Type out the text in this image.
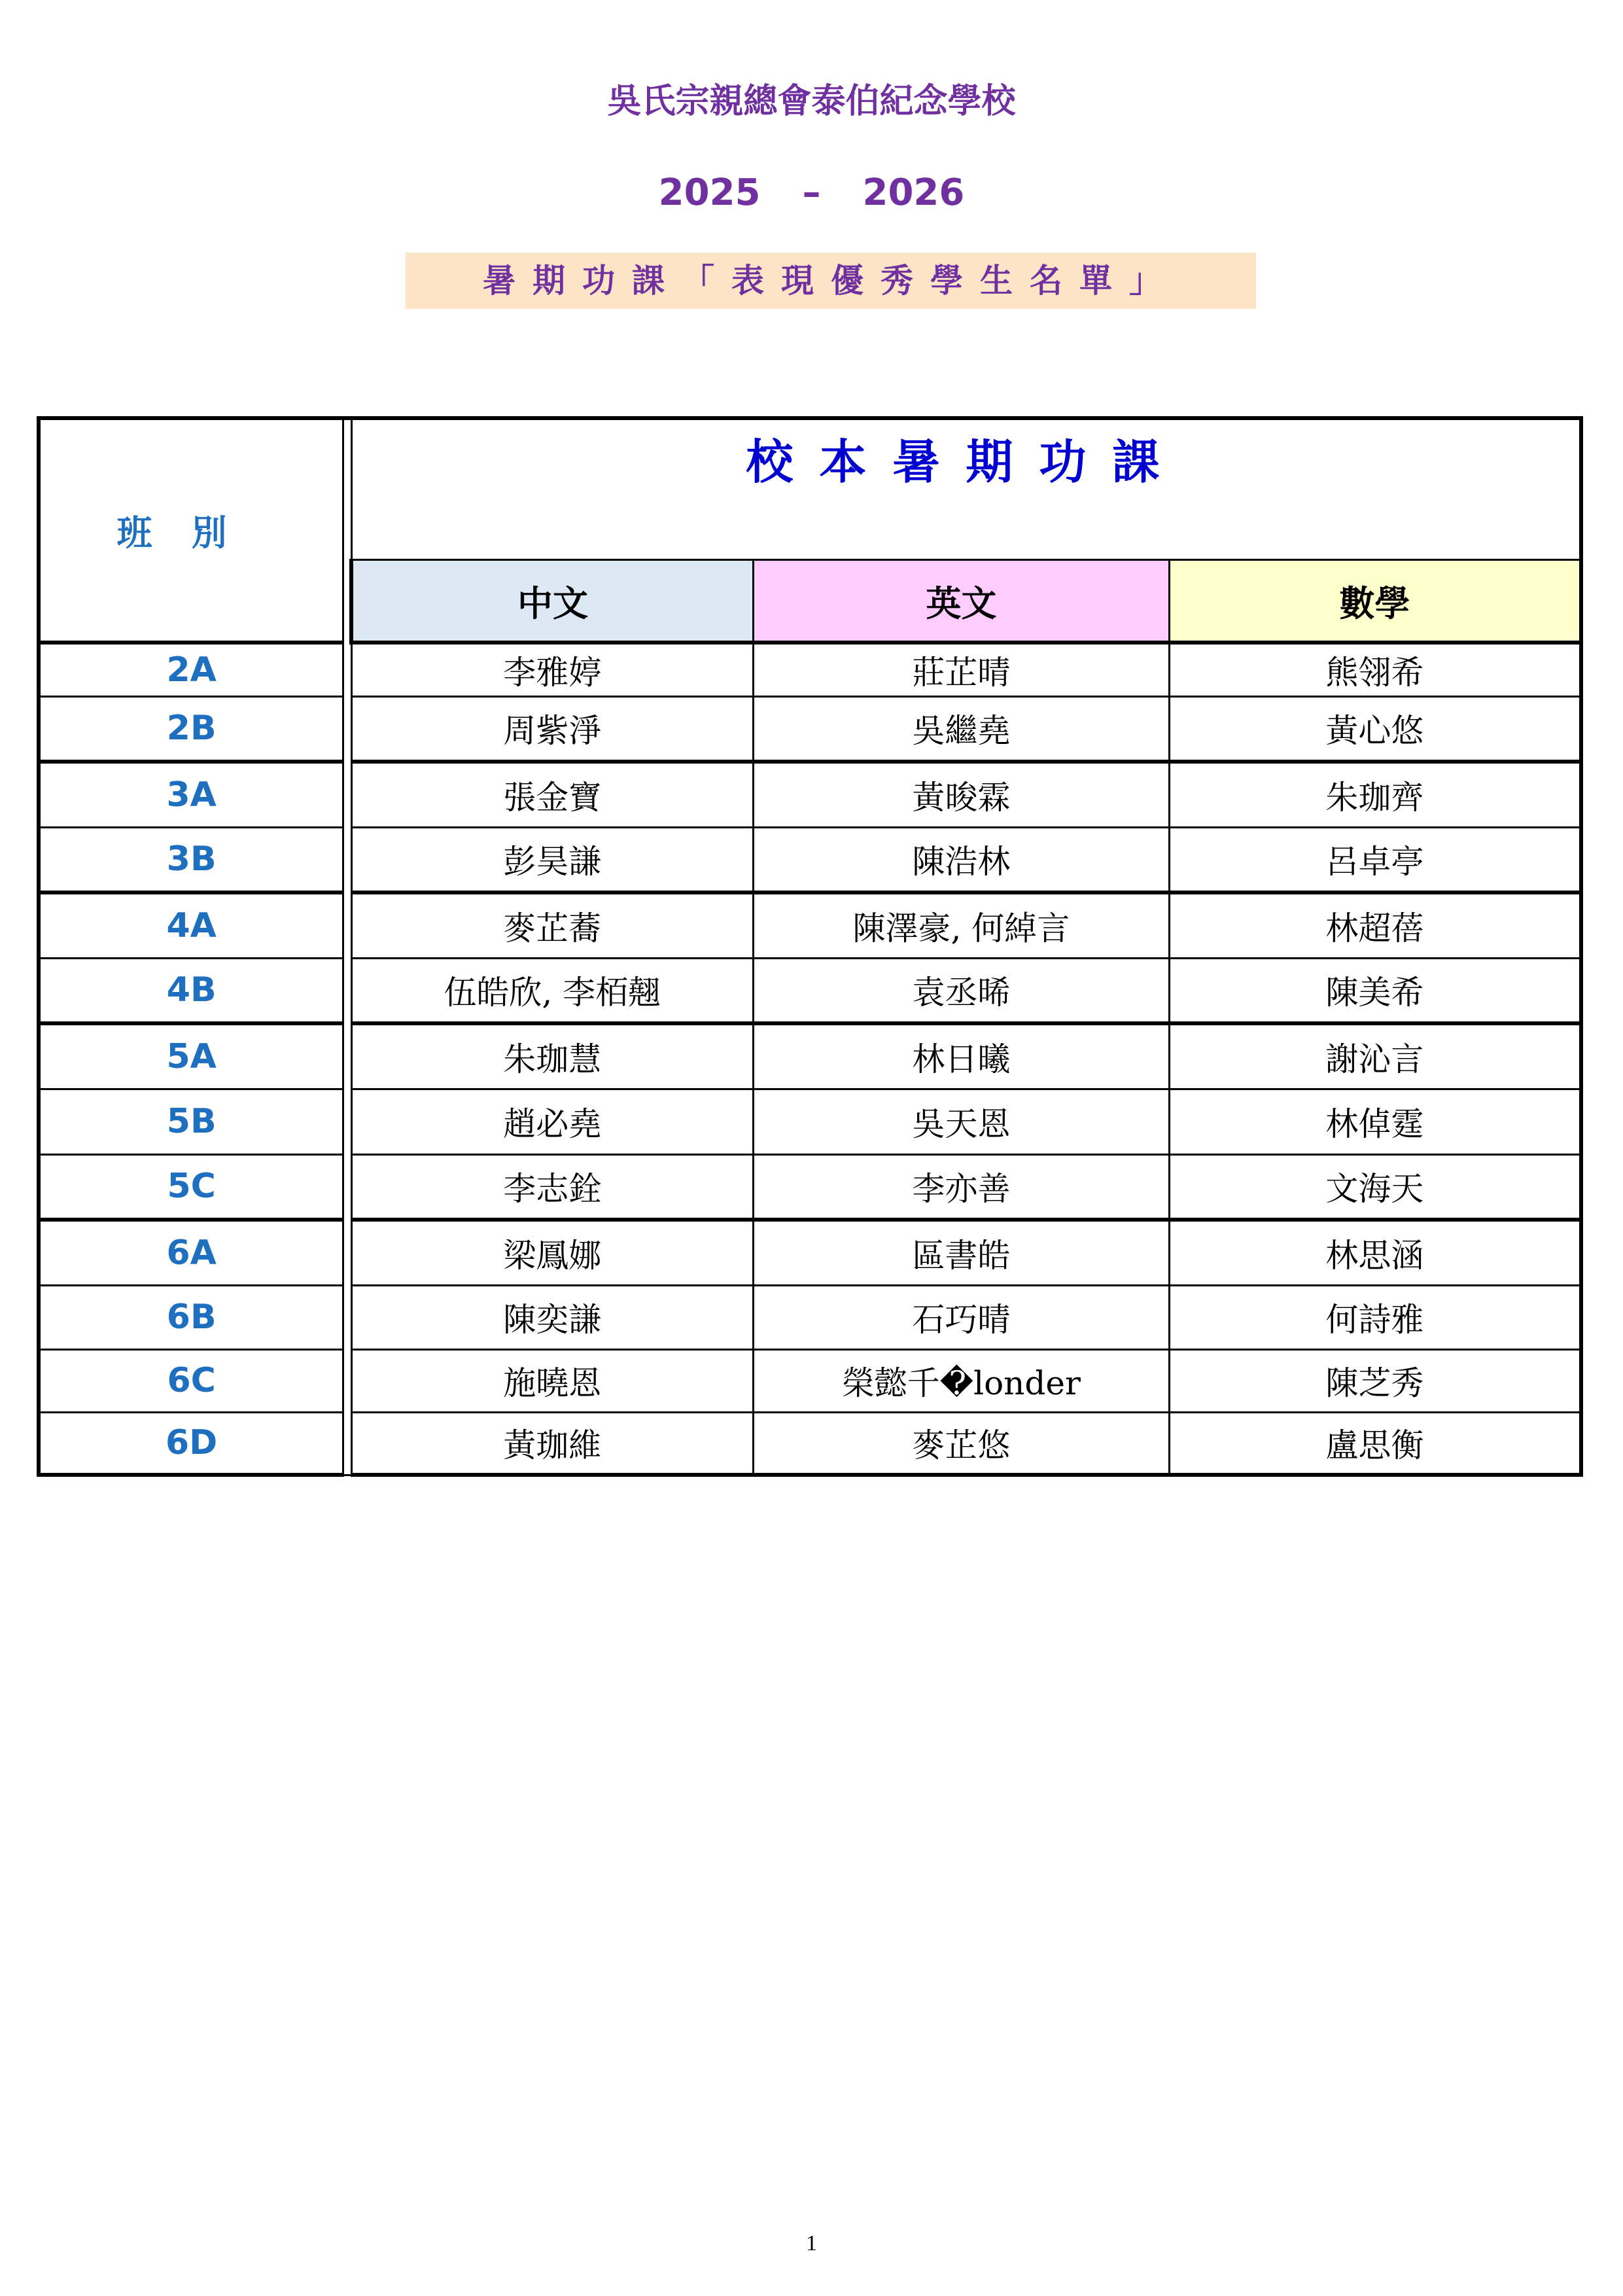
吳氏宗親總會泰伯紀念學校
2025 – 2026
暑期功課「表現優秀學生名單」
班別		校本暑期功課		
		中文	英文	數學
2A		李雅婷	莊芷晴	熊翎希
2B		周紫淨	吳繼堯	黃心悠
3A		張金寶	黃晙霖	朱珈齊
3B		彭昊謙	陳浩林	呂卓亭
4A		麥芷蕎	陳澤豪, 何綽言	林超蓓
4B		伍皓欣, 李栢翹	袁丞晞	陳美希
5A		朱珈慧	林日曦	謝沁言
5B		趙必堯	吳天恩	林倬霆
5C		李志銓	李亦善	文海天
6A		梁鳳娜	區書皓	林思涵
6B		陳奕謙	石巧晴	何詩雅
6C		施曉恩	榮懿千�londer	陳芝秀
6D		黃珈維	麥芷悠	盧思衡
1
